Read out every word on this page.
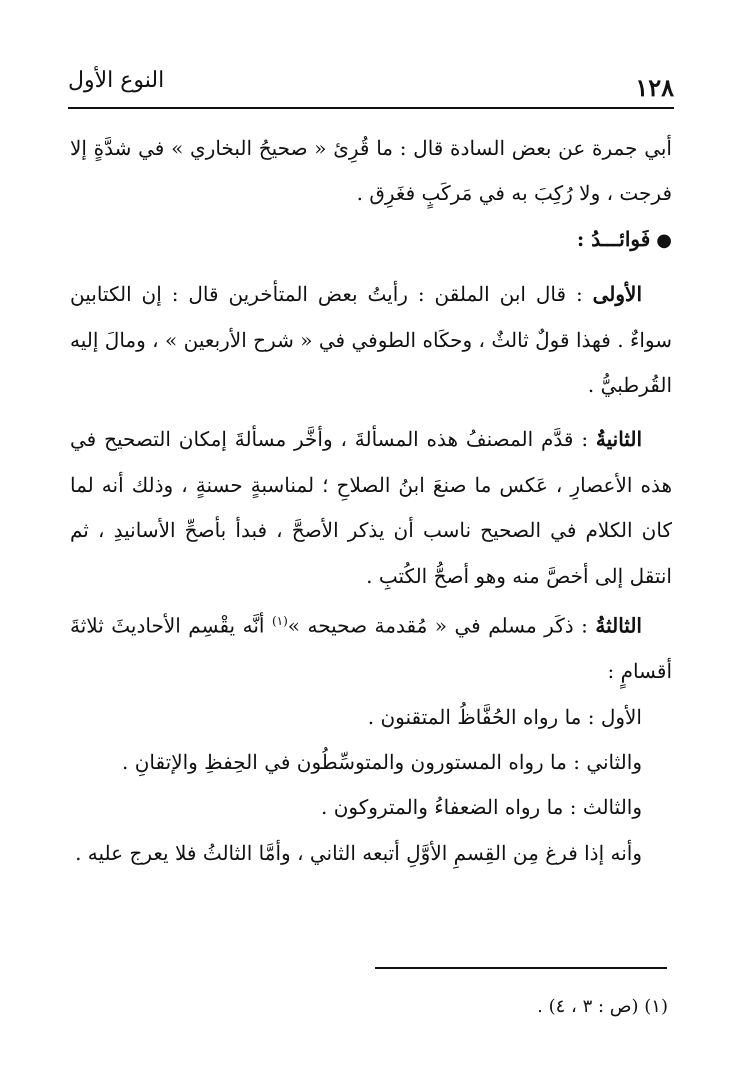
١٢٨
النوع الأول

أبي جمرة عن بعض السادة قال : ما قُرِئ « صحيحُ البخاري » في شدَّةٍ إلا فرجت ، ولا رُكِبَ به في مَركَبٍ فغَرِق .

●فَوائـــدُ :

الأولى : قال ابن الملقن : رأيتُ بعض المتأخرين قال : إن الكتابين سواءٌ . فهذا قولٌ ثالثٌ ، وحكَاه الطوفي في « شرح الأربعين » ، ومالَ إليه القُرطبيُّ .

الثانيةُ : قدَّم المصنفُ هذه المسألةَ ، وأخَّر مسألةَ إمكان التصحيح في هذه الأعصارِ ، عَكس ما صنعَ ابنُ الصلاحِ ؛ لمناسبةٍ حسنةٍ ، وذلك أنه لما كان الكلام في الصحيح ناسب أن يذكر الأصحَّ ، فبدأ بأصحِّ الأسانيدِ ، ثم انتقل إلى أخصَّ منه وهو أصحُّ الكُتبِ .

الثالثةُ : ذكَر مسلم في « مُقدمة صحيحه »$^{(١)}$ أنَّه يقْسِم الأحاديثَ ثلاثةَ أقسامٍ :

الأول : ما رواه الحُفَّاظُ المتقنون .

والثاني : ما رواه المستورون والمتوسِّطُون في الحِفظِ والإتقانِ .

والثالث : ما رواه الضعفاءُ والمتروكون .

وأنه إذا فرغ مِن القِسمِ الأوَّلِ أتبعه الثاني ، وأمَّا الثالثُ فلا يعرج عليه .

(١) (ص : ٣ ، ٤) .
